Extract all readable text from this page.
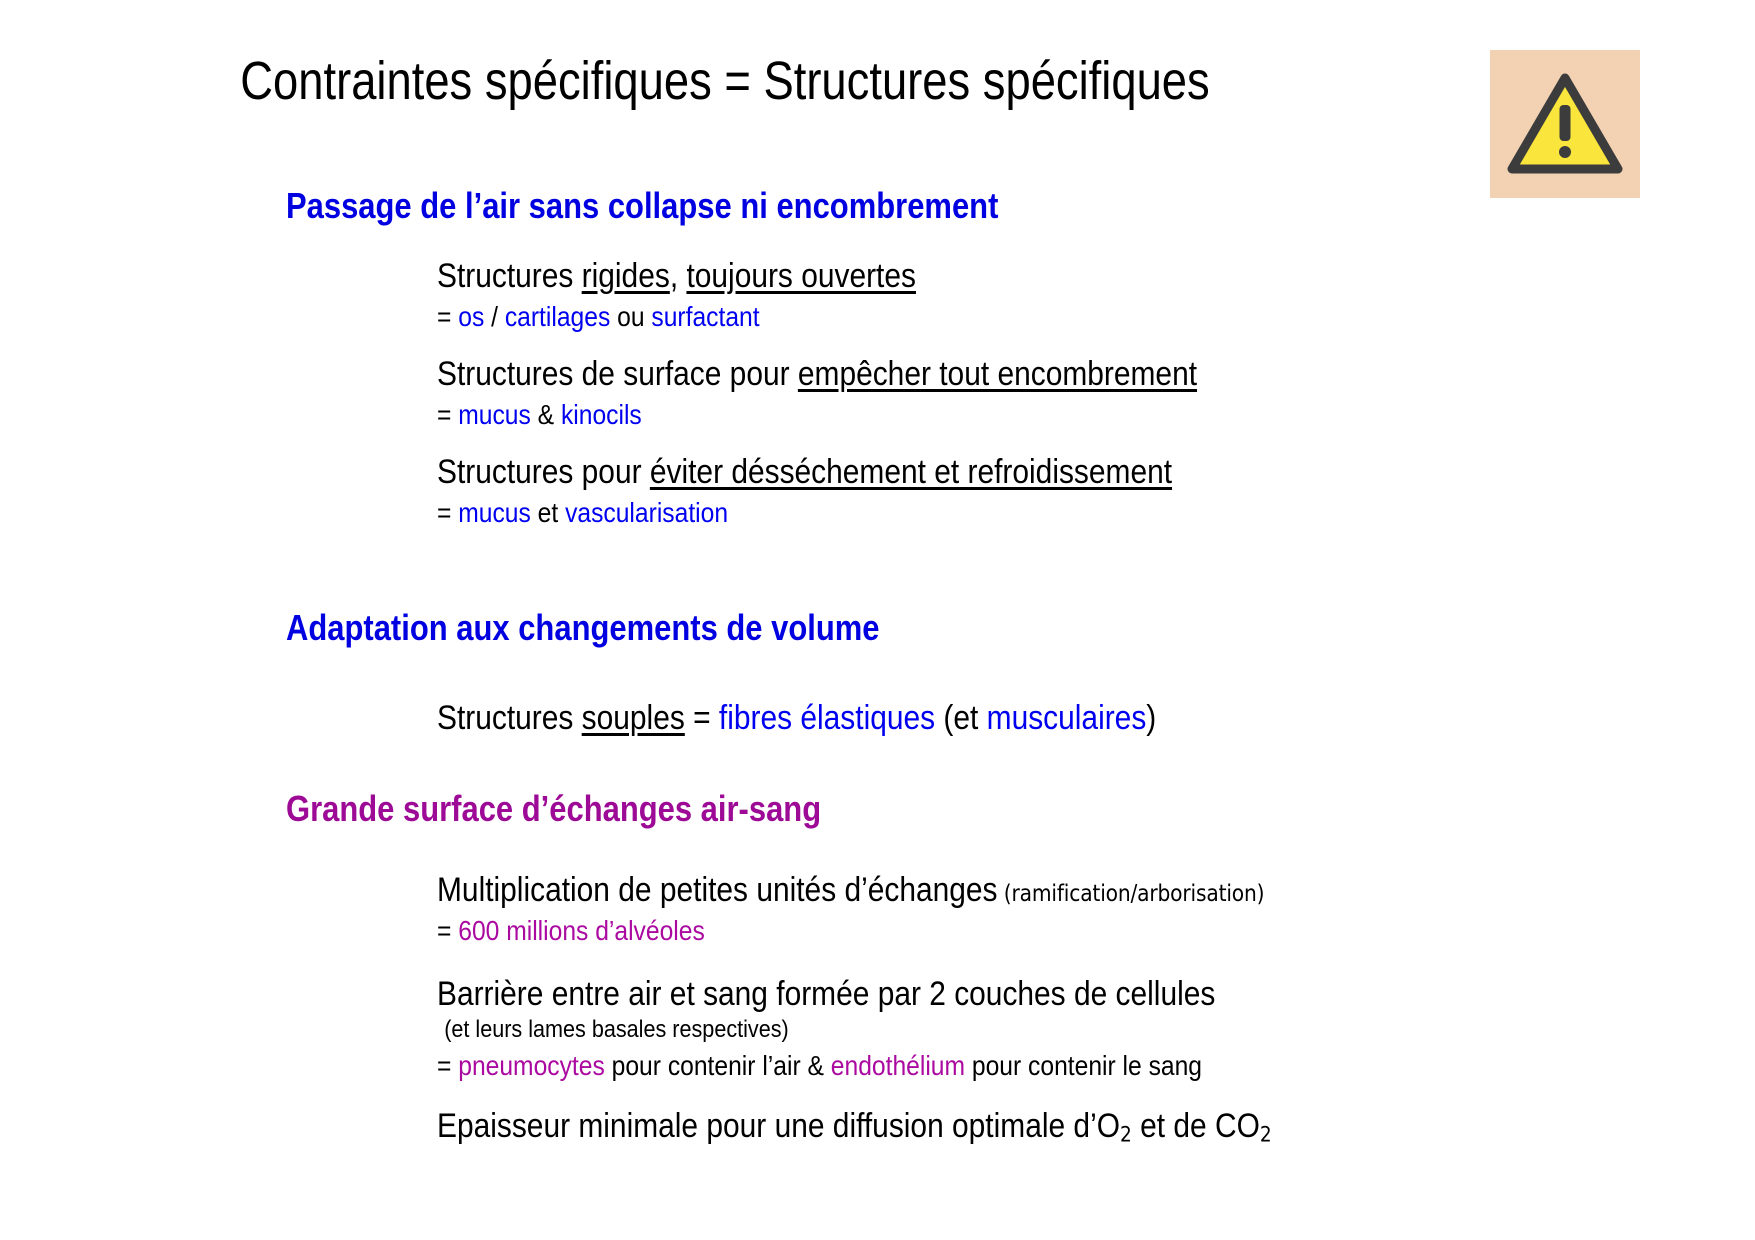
Contraintes spécifiques = Structures spécifiques
Passage de l’air sans collapse ni encombrement
Structures rigides, toujours ouvertes
= os / cartilages ou surfactant
Structures de surface pour empêcher tout encombrement
= mucus & kinocils
Structures pour éviter désséchement et refroidissement
= mucus et vascularisation
Adaptation aux changements de volume
Structures souples = fibres élastiques (et musculaires)
Grande surface d’échanges air-sang
Multiplication de petites unités d’échanges (ramification/arborisation)
= 600 millions d’alvéoles
Barrière entre air et sang formée par 2 couches de cellules
(et leurs lames basales respectives)
= pneumocytes pour contenir l’air & endothélium pour contenir le sang
Epaisseur minimale pour une diffusion optimale $d’O_2$ et de $CO_2$
